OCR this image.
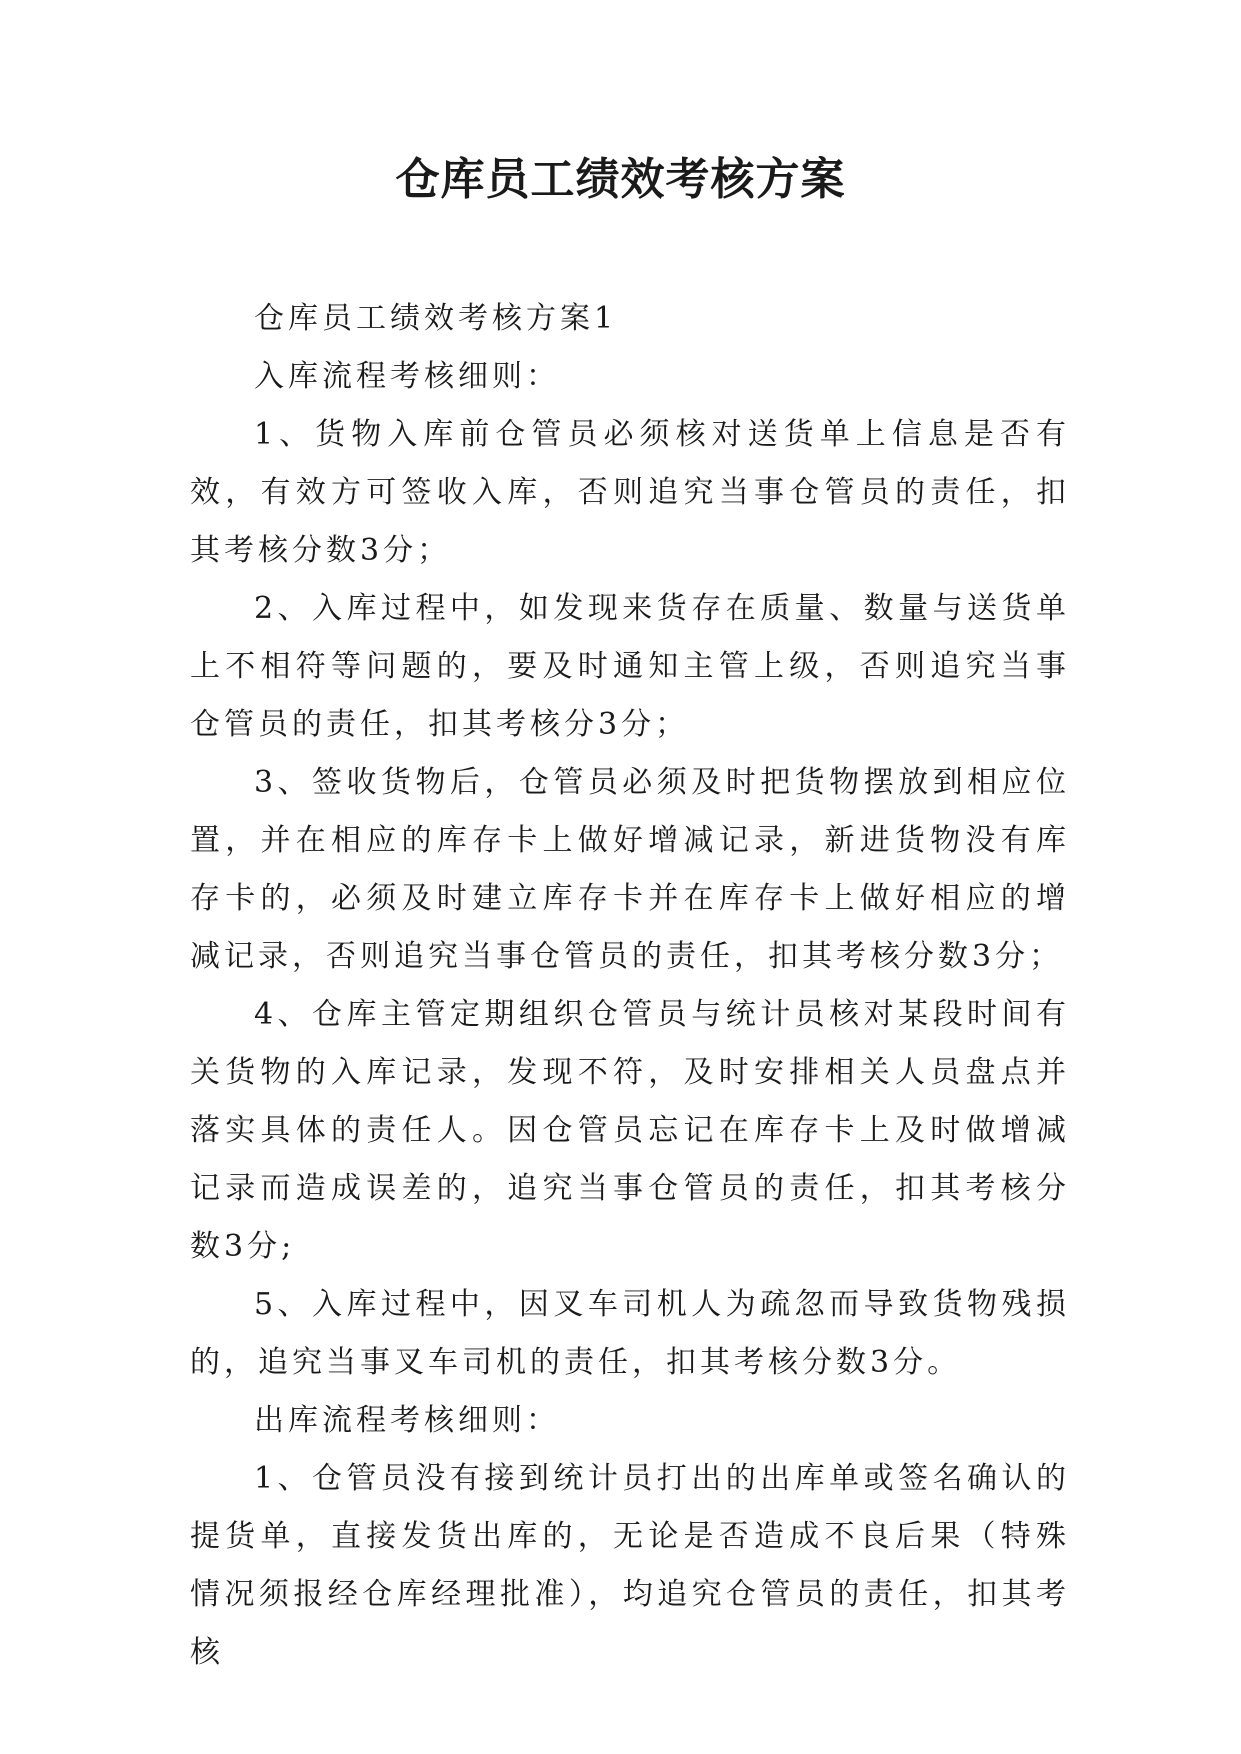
仓库员工绩效考核方案

仓库员工绩效考核方案1

入库流程考核细则：

1、货物入库前仓管员必须核对送货单上信息是否有效，有效方可签收入库，否则追究当事仓管员的责任，扣其考核分数3分；

2、入库过程中，如发现来货存在质量、数量与送货单上不相符等问题的，要及时通知主管上级，否则追究当事仓管员的责任，扣其考核分3分；

3、签收货物后，仓管员必须及时把货物摆放到相应位置，并在相应的库存卡上做好增减记录，新进货物没有库存卡的，必须及时建立库存卡并在库存卡上做好相应的增减记录，否则追究当事仓管员的责任，扣其考核分数3分；

4、仓库主管定期组织仓管员与统计员核对某段时间有关货物的入库记录，发现不符，及时安排相关人员盘点并落实具体的责任人。因仓管员忘记在库存卡上及时做增减记录而造成误差的，追究当事仓管员的责任，扣其考核分数3分;

5、入库过程中，因叉车司机人为疏忽而导致货物残损的，追究当事叉车司机的责任，扣其考核分数3分。

出库流程考核细则：

1、仓管员没有接到统计员打出的出库单或签名确认的提货单，直接发货出库的，无论是否造成不良后果（特殊情况须报经仓库经理批准），均追究仓管员的责任，扣其考核
